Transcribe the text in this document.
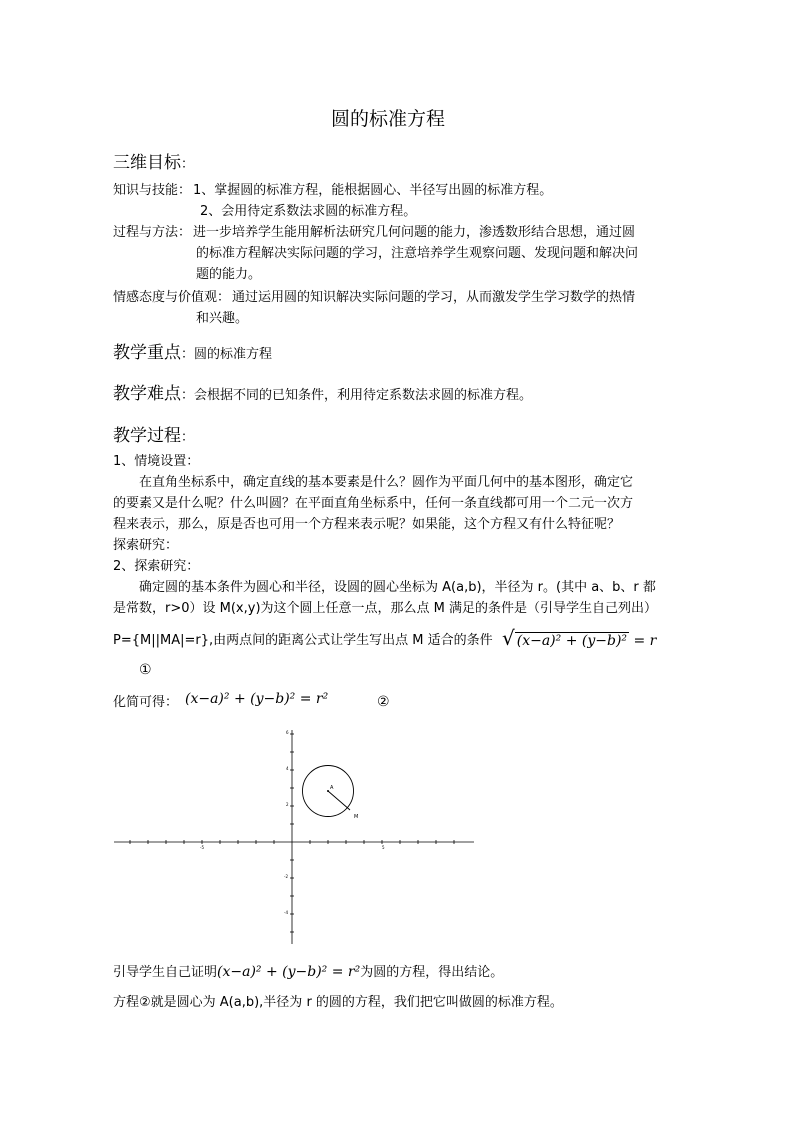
圆的标准方程
三维目标：
知识与技能： 1、掌握圆的标准方程，能根据圆心、半径写出圆的标准方程。
2、会用待定系数法求圆的标准方程。
过程与方法： 进一步培养学生能用解析法研究几何问题的能力，渗透数形结合思想，通过圆
的标准方程解决实际问题的学习，注意培养学生观察问题、发现问题和解决问
题的能力。
情感态度与价值观： 通过运用圆的知识解决实际问题的学习，从而激发学生学习数学的热情
和兴趣。
教学重点：圆的标准方程
教学难点：会根据不同的已知条件，利用待定系数法求圆的标准方程。
教学过程：
1、情境设置：
在直角坐标系中，确定直线的基本要素是什么？圆作为平面几何中的基本图形，确定它
的要素又是什么呢？什么叫圆？在平面直角坐标系中，任何一条直线都可用一个二元一次方
程来表示，那么，原是否也可用一个方程来表示呢？如果能，这个方程又有什么特征呢？
探索研究：
2、探索研究：
确定圆的基本条件为圆心和半径，设圆的圆心坐标为 A(a,b)，半径为 r。(其中 a、b、r 都
是常数，r>0）设 M(x,y)为这个圆上任意一点，那么点 M 满足的条件是（引导学生自己列出）
P={M||MA|=r},由两点间的距离公式让学生写出点 M 适合的条件 √ (x−a)² + (y−b)² = r
①
化简可得： (x−a)² + (y−b)² = r²	②
-5	5
6
4
2
-2
-4
A
M
引导学生自己证明(x−a)² + (y−b)² = r²为圆的方程，得出结论。
方程②就是圆心为 A(a,b),半径为 r 的圆的方程，我们把它叫做圆的标准方程。
